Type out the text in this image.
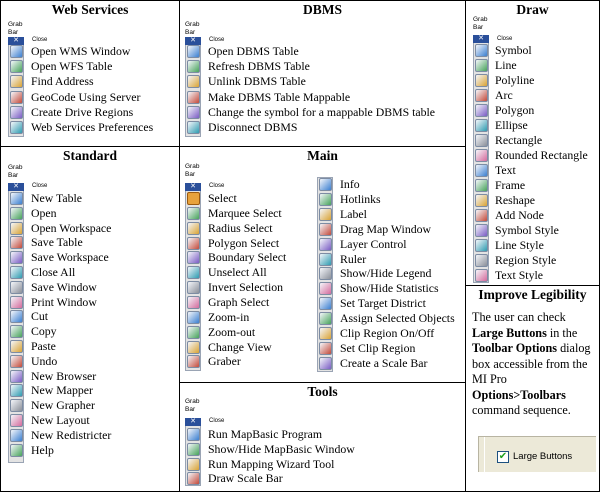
Web Services
Grab
Bar
✕	Close
Open WMS Window
Open WFS Table
Find Address
GeoCode Using Server
Create Drive Regions
Web Services Preferences
DBMS
Grab
Bar
✕	Close
Open DBMS Table
Refresh DBMS Table
Unlink DBMS Table
Make DBMS Table Mappable
Change the symbol for a mappable DBMS table
Disconnect DBMS
Draw
Grab
Bar
✕	Close
Symbol
Line
Polyline
Arc
Polygon
Ellipse
Rectangle
Rounded Rectangle
Text
Frame
Reshape
Add Node
Symbol Style
Line Style
Region Style
Text Style
Standard
Grab
Bar
✕	Close
New Table
Open
Open Workspace
Save Table
Save Workspace
Close All
Save Window
Print Window
Cut
Copy
Paste
Undo
New Browser
New Mapper
New Grapher
New Layout
New Redistricter
Help
Main
Grab
Bar
✕	Close
Select
Marquee Select
Radius Select
Polygon Select
Boundary Select
Unselect All
Invert Selection
Graph Select
Zoom-in
Zoom-out
Change View
Graber
Info
Hotlinks
Label
Drag Map Window
Layer Control
Ruler
Show/Hide Legend
Show/Hide Statistics
Set Target District
Assign Selected Objects
Clip Region On/Off
Set Clip Region
Create a Scale Bar
Tools
Grab
Bar
✕	Close
Run MapBasic Program
Show/Hide MapBasic Window
Run Mapping Wizard Tool
Draw Scale Bar
Improve Legibility
The user can check Large Buttons in the Toolbar Options dialog box accessible from the MI Pro Options>Toolbars command sequence.
✔ Large Buttons
